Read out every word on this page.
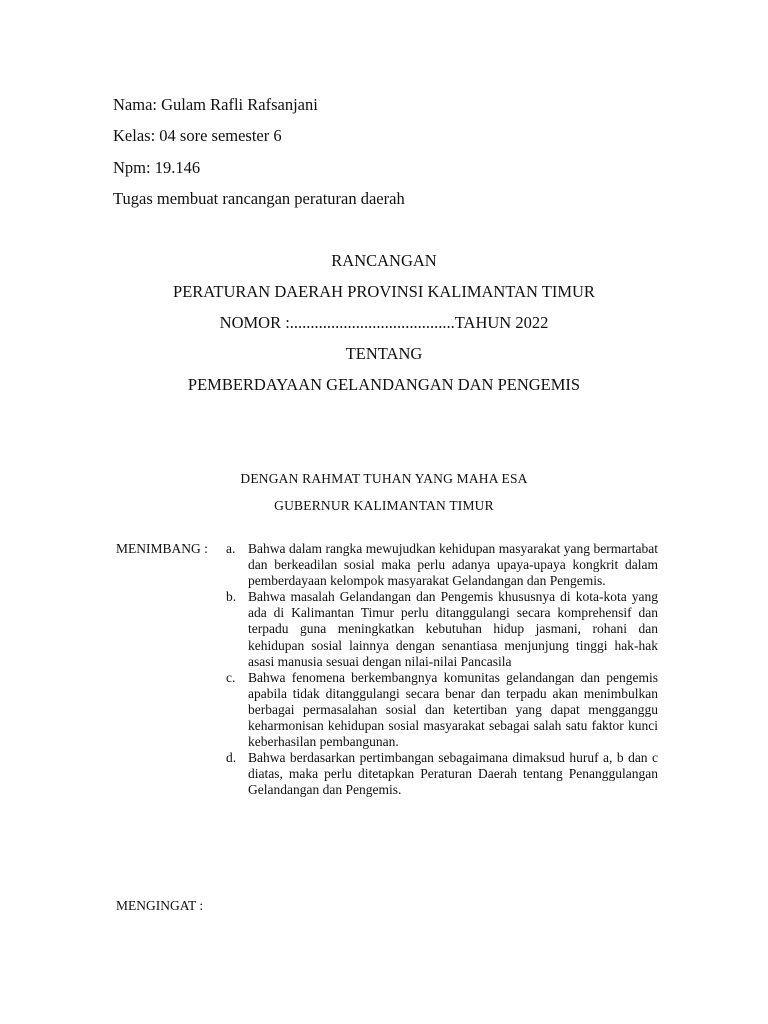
Nama: Gulam Rafli Rafsanjani
Kelas: 04 sore semester 6
Npm: 19.146
Tugas membuat rancangan peraturan daerah
RANCANGAN
PERATURAN DAERAH PROVINSI KALIMANTAN TIMUR
NOMOR :........................................TAHUN 2022
TENTANG
PEMBERDAYAAN GELANDANGAN DAN PENGEMIS
DENGAN RAHMAT TUHAN YANG MAHA ESA
GUBERNUR KALIMANTAN TIMUR
MENIMBANG : a. Bahwa dalam rangka mewujudkan kehidupan masyarakat yang bermartabat dan berkeadilan sosial maka perlu adanya upaya-upaya kongkrit dalam pemberdayaan kelompok masyarakat Gelandangan dan Pengemis.
b. Bahwa masalah Gelandangan dan Pengemis khususnya di kota-kota yang ada di Kalimantan Timur perlu ditanggulangi secara komprehensif dan terpadu guna meningkatkan kebutuhan hidup jasmani, rohani dan kehidupan sosial lainnya dengan senantiasa menjunjung tinggi hak-hak asasi manusia sesuai dengan nilai-nilai Pancasila
c. Bahwa fenomena berkembangnya komunitas gelandangan dan pengemis apabila tidak ditanggulangi secara benar dan terpadu akan menimbulkan berbagai permasalahan sosial dan ketertiban yang dapat mengganggu keharmonisan kehidupan sosial masyarakat sebagai salah satu faktor kunci keberhasilan pembangunan.
d. Bahwa berdasarkan pertimbangan sebagaimana dimaksud huruf a, b dan c diatas, maka perlu ditetapkan Peraturan Daerah tentang Penanggulangan Gelandangan dan Pengemis.
MENGINGAT :
